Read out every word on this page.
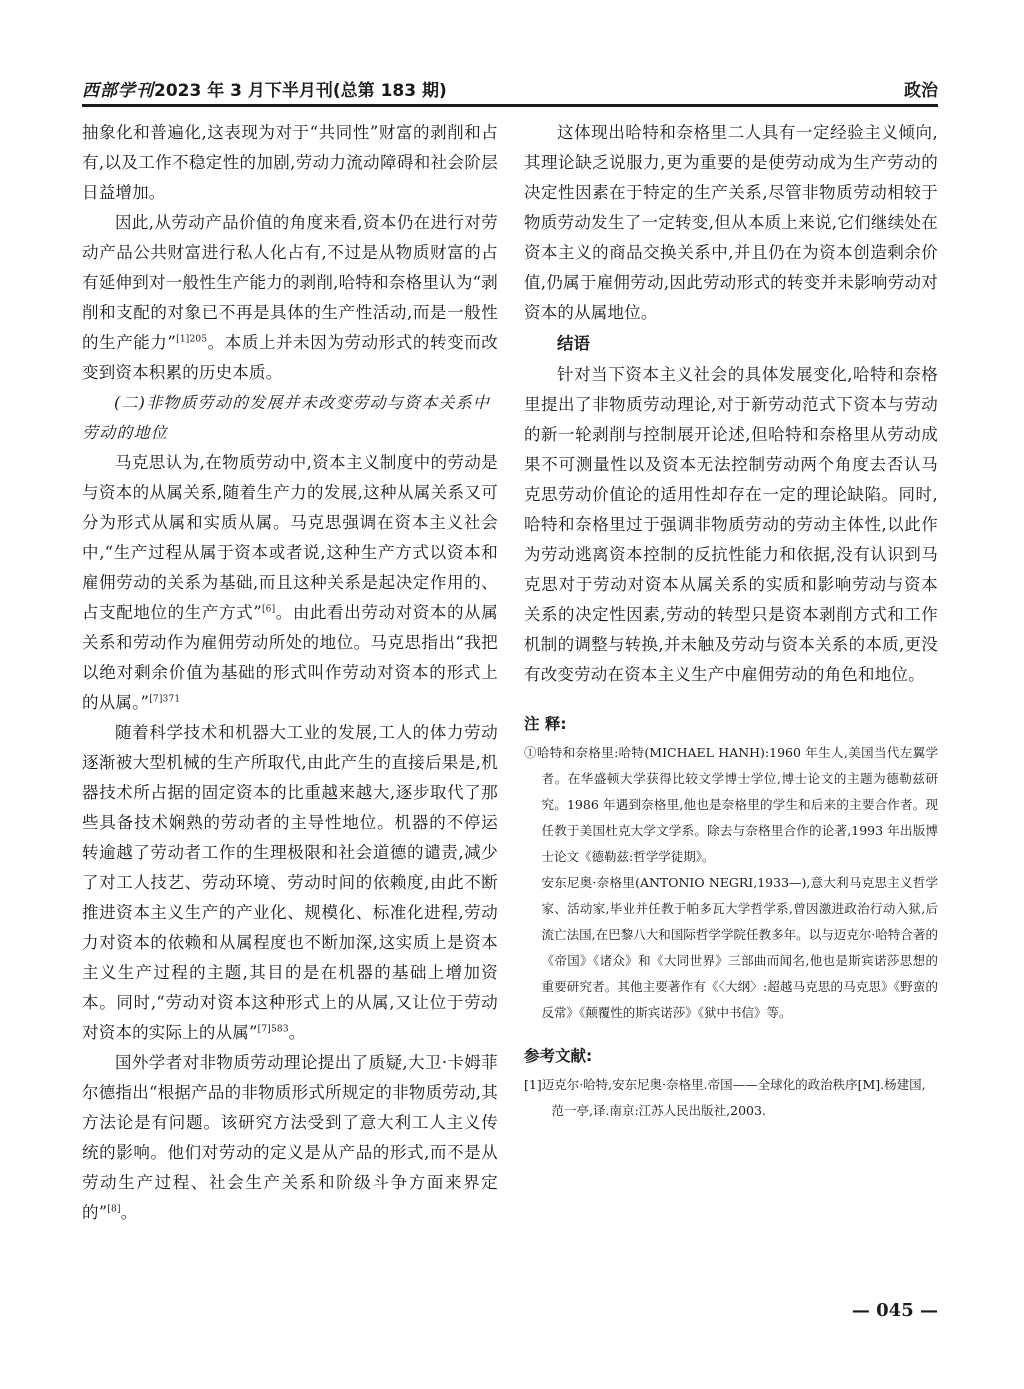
西部学刊2023 年 3 月下半月刊(总第 183 期)	政治

抽象化和普遍化,这表现为对于“共同性”财富的剥削和占有,以及工作不稳定性的加剧,劳动力流动障碍和社会阶层日益增加。

因此,从劳动产品价值的角度来看,资本仍在进行对劳动产品公共财富进行私人化占有,不过是从物质财富的占有延伸到对一般性生产能力的剥削,哈特和奈格里认为“剥削和支配的对象已不再是具体的生产性活动,而是一般性的生产能力”$^{[1]205}$。本质上并未因为劳动形式的转变而改变到资本积累的历史本质。

(二)非物质劳动的发展并未改变劳动与资本关系中劳动的地位

马克思认为,在物质劳动中,资本主义制度中的劳动是与资本的从属关系,随着生产力的发展,这种从属关系又可分为形式从属和实质从属。马克思强调在资本主义社会中,“生产过程从属于资本或者说,这种生产方式以资本和雇佣劳动的关系为基础,而且这种关系是起决定作用的、占支配地位的生产方式”[6]。由此看出劳动对资本的从属关系和劳动作为雇佣劳动所处的地位。马克思指出“我把以绝对剩余价值为基础的形式叫作劳动对资本的形式上的从属。”$^{[7]371}$

随着科学技术和机器大工业的发展,工人的体力劳动逐渐被大型机械的生产所取代,由此产生的直接后果是,机器技术所占据的固定资本的比重越来越大,逐步取代了那些具备技术娴熟的劳动者的主导性地位。机器的不停运转逾越了劳动者工作的生理极限和社会道德的谴责,减少了对工人技艺、劳动环境、劳动时间的依赖度,由此不断推进资本主义生产的产业化、规模化、标准化进程,劳动力对资本的依赖和从属程度也不断加深,这实质上是资本主义生产过程的主题,其目的是在机器的基础上增加资本。同时,“劳动对资本这种形式上的从属,又让位于劳动对资本的实际上的从属”$^{[7]583}$。

国外学者对非物质劳动理论提出了质疑,大卫·卡姆菲尔德指出“根据产品的非物质形式所规定的非物质劳动,其方法论是有问题。该研究方法受到了意大利工人主义传统的影响。他们对劳动的定义是从产品的形式,而不是从劳动生产过程、社会生产关系和阶级斗争方面来界定的”[8]。

这体现出哈特和奈格里二人具有一定经验主义倾向,其理论缺乏说服力,更为重要的是使劳动成为生产劳动的决定性因素在于特定的生产关系,尽管非物质劳动相较于物质劳动发生了一定转变,但从本质上来说,它们继续处在资本主义的商品交换关系中,并且仍在为资本创造剩余价值,仍属于雇佣劳动,因此劳动形式的转变并未影响劳动对资本的从属地位。

结语

针对当下资本主义社会的具体发展变化,哈特和奈格里提出了非物质劳动理论,对于新劳动范式下资本与劳动的新一轮剥削与控制展开论述,但哈特和奈格里从劳动成果不可测量性以及资本无法控制劳动两个角度去否认马克思劳动价值论的适用性却存在一定的理论缺陷。同时,哈特和奈格里过于强调非物质劳动的劳动主体性,以此作为劳动逃离资本控制的反抗性能力和依据,没有认识到马克思对于劳动对资本从属关系的实质和影响劳动与资本关系的决定性因素,劳动的转型只是资本剥削方式和工作机制的调整与转换,并未触及劳动与资本关系的本质,更没有改变劳动在资本主义生产中雇佣劳动的角色和地位。

注 释:
①哈特和奈格里:哈特(MICHAEL HANH):1960 年生人,美国当代左翼学者。在华盛顿大学获得比较文学博士学位,博士论文的主题为德勒兹研究。1986 年遇到奈格里,他也是奈格里的学生和后来的主要合作者。现任教于美国杜克大学文学系。除去与奈格里合作的论著,1993 年出版博士论文《德勒兹:哲学学徒期》。
安东尼奥·奈格里(ANTONIO NEGRI,1933—),意大利马克思主义哲学家、活动家,毕业并任教于帕多瓦大学哲学系,曾因激进政治行动入狱,后流亡法国,在巴黎八大和国际哲学学院任教多年。以与迈克尔·哈特合著的《帝国》《诸众》和《大同世界》三部曲而闻名,他也是斯宾诺莎思想的重要研究者。其他主要著作有《〈大纲〉:超越马克思的马克思》《野蛮的反常》《颠覆性的斯宾诺莎》《狱中书信》等。
参考文献:
[1]迈克尔·哈特,安东尼奥·奈格里.帝国——全球化的政治秩序[M].杨建国,范一亭,译.南京:江苏人民出版社,2003.
— 045 —
